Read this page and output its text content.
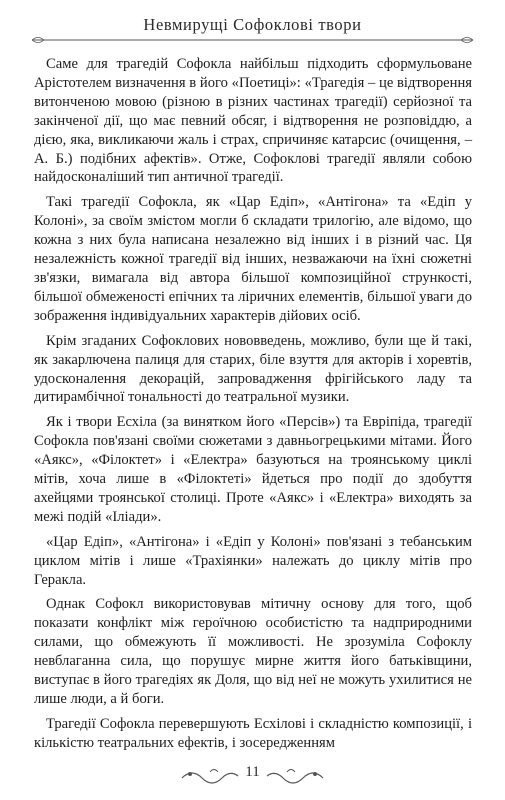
Невмирущі Софоклові твори

Саме для трагедій Софокла найбільш підходить сформульоване Арістотелем визначення в його «Поетиці»: «Трагедія – це відтворення витонченою мовою (різною в різних частинах трагедії) серйозної та закінченої дії, що має певний обсяг, і відтворення не розповіддю, а дією, яка, викликаючи жаль і страх, спричиняє катарсис (очищення, – А. Б.) подібних афектів». Отже, Софоклові трагедії являли собою найдосконаліший тип античної трагедії.

Такі трагедії Софокла, як «Цар Едіп», «Антігона» та «Едіп у Колоні», за своїм змістом могли б складати трилогію, але відомо, що кожна з них була написана незалежно від інших і в різний час. Ця незалежність кожної трагедії від інших, незважаючи на їхні сюжетні зв'язки, вимагала від автора більшої композиційної стрункості, більшої обмеженості епічних та ліричних елементів, більшої уваги до зображення індивідуальних характерів дійових осіб.

Крім згаданих Софоклових нововведень, можливо, були ще й такі, як закарлючена палиця для старих, біле взуття для акторів і хоревтів, удосконалення декорацій, запровадження фрігійського ладу та дитирамбічної тональності до театральної музики.

Як і твори Есхіла (за винятком його «Персів») та Евріпіда, трагедії Софокла пов'язані своїми сюжетами з давньогрецькими мітами. Його «Аякс», «Філоктет» і «Електра» базуються на троянському циклі мітів, хоча лише в «Філоктеті» йдеться про події до здобуття ахейцями троянської столиці. Проте «Аякс» і «Електра» виходять за межі подій «Іліади».

«Цар Едіп», «Антігона» і «Едіп у Колоні» пов'язані з тебанським циклом мітів і лише «Трахіянки» належать до циклу мітів про Геракла.

Однак Софокл використовував мітичну основу для того, щоб показати конфлікт між героїчною особистістю та надприродними силами, що обмежують її можливості. Не зрозуміла Софоклу невблаганна сила, що порушує мирне життя його батьківщини, виступає в його трагедіях як Доля, що від неї не можуть ухилитися не лише люди, а й боги.

Трагедії Софокла перевершують Есхілові і складністю композиції, і кількістю театральних ефектів, і зосередженням

11
